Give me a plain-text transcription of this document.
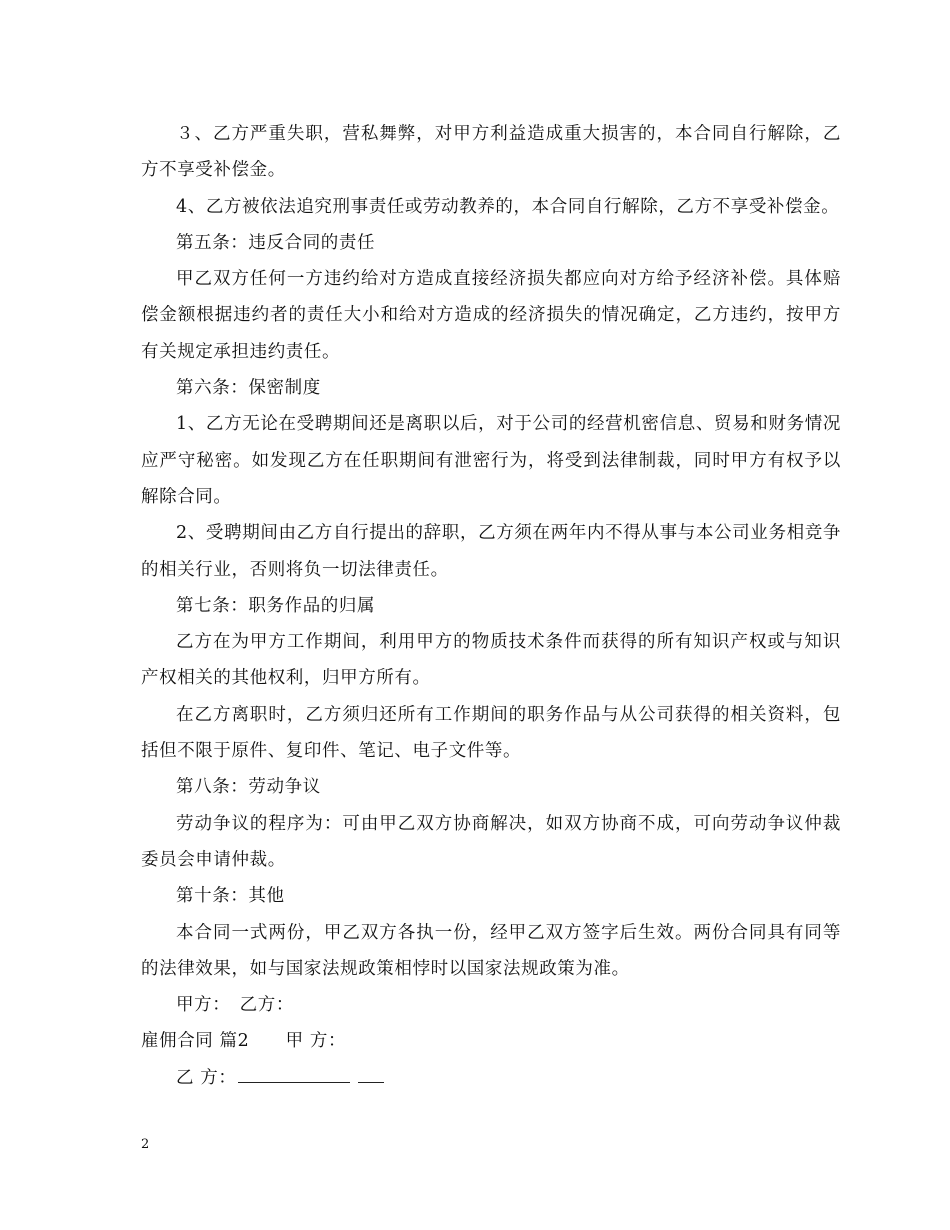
３、乙方严重失职，营私舞弊，对甲方利益造成重大损害的，本合同自行解除，乙方不享受补偿金。

4、乙方被依法追究刑事责任或劳动教养的，本合同自行解除，乙方不享受补偿金。

第五条：违反合同的责任

甲乙双方任何一方违约给对方造成直接经济损失都应向对方给予经济补偿。具体赔偿金额根据违约者的责任大小和给对方造成的经济损失的情况确定，乙方违约，按甲方有关规定承担违约责任。

第六条：保密制度

1、乙方无论在受聘期间还是离职以后，对于公司的经营机密信息、贸易和财务情况应严守秘密。如发现乙方在任职期间有泄密行为，将受到法律制裁，同时甲方有权予以解除合同。

2、受聘期间由乙方自行提出的辞职，乙方须在两年内不得从事与本公司业务相竞争的相关行业，否则将负一切法律责任。

第七条：职务作品的归属

乙方在为甲方工作期间，利用甲方的物质技术条件而获得的所有知识产权或与知识产权相关的其他权利，归甲方所有。

在乙方离职时，乙方须归还所有工作期间的职务作品与从公司获得的相关资料，包括但不限于原件、复印件、笔记、电子文件等。

第八条：劳动争议

劳动争议的程序为：可由甲乙双方协商解决，如双方协商不成，可向劳动争议仲裁委员会申请仲裁。

第十条：其他

本合同一式两份，甲乙双方各执一份，经甲乙双方签字后生效。两份合同具有同等的法律效果，如与国家法规政策相悖时以国家法规政策为准。

甲方：　乙方：

雇佣合同 篇2　　甲 方：

乙 方：

2
